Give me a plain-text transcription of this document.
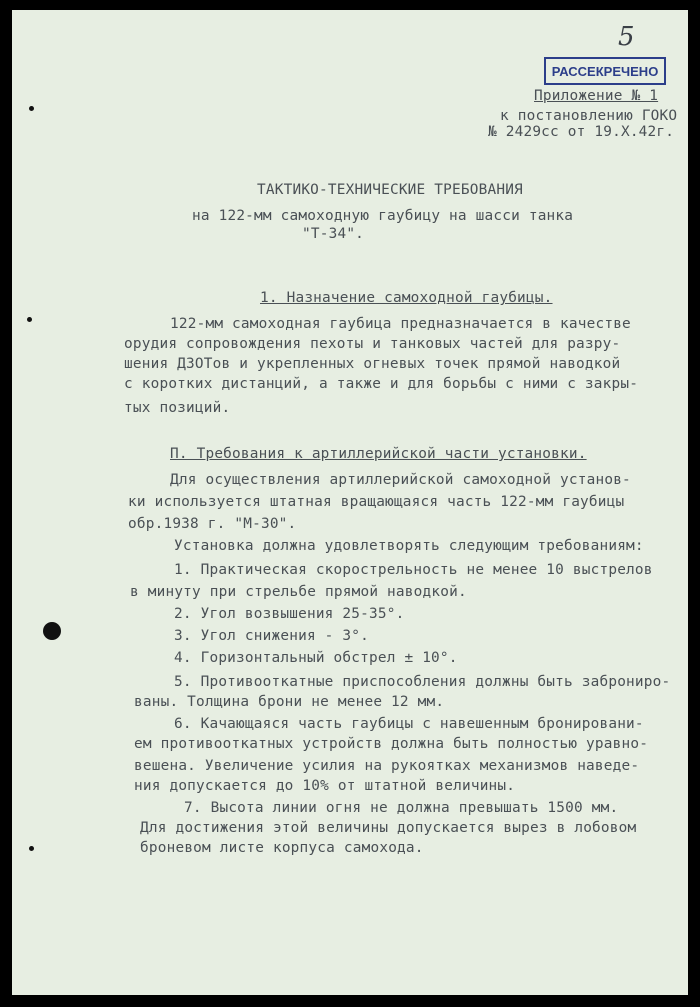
5
РАССЕКРЕЧЕНО
Приложение № 1
к постановлению ГОКО
№ 2429сс от 19.Х.42г.
ТАКТИКО-ТЕХНИЧЕСКИЕ ТРЕБОВАНИЯ
на 122-мм самоходную гаубицу на шасси танка
"Т-34".
1. Назначение самоходной гаубицы.
122-мм самоходная гаубица предназначается в качестве
орудия сопровождения пехоты и танковых частей для разру-
шения ДЗОТов и укрепленных огневых точек прямой наводкой
с коротких дистанций, а также и для борьбы с ними с закры-
тых позиций.
П. Требования к артиллерийской части установки.
Для осуществления артиллерийской самоходной установ-
ки используется штатная вращающаяся часть 122-мм гаубицы
обр.1938 г. "М-30".
Установка должна удовлетворять следующим требованиям:
1. Практическая скорострельность не менее 10 выстрелов
в минуту при стрельбе прямой наводкой.
2. Угол возвышения 25-35°.
3. Угол снижения - 3°.
4. Горизонтальный обстрел ± 10°.
5. Противооткатные приспособления должны быть заброниро-
ваны. Толщина брони не менее 12 мм.
6. Качающаяся часть гаубицы с навешенным бронировани-
ем противооткатных устройств должна быть полностью уравно-
вешена. Увеличение усилия на рукоятках механизмов наведе-
ния допускается до 10% от штатной величины.
7. Высота линии огня не должна превышать 1500 мм.
Для достижения этой величины допускается вырез в лобовом
броневом листе корпуса самохода.
